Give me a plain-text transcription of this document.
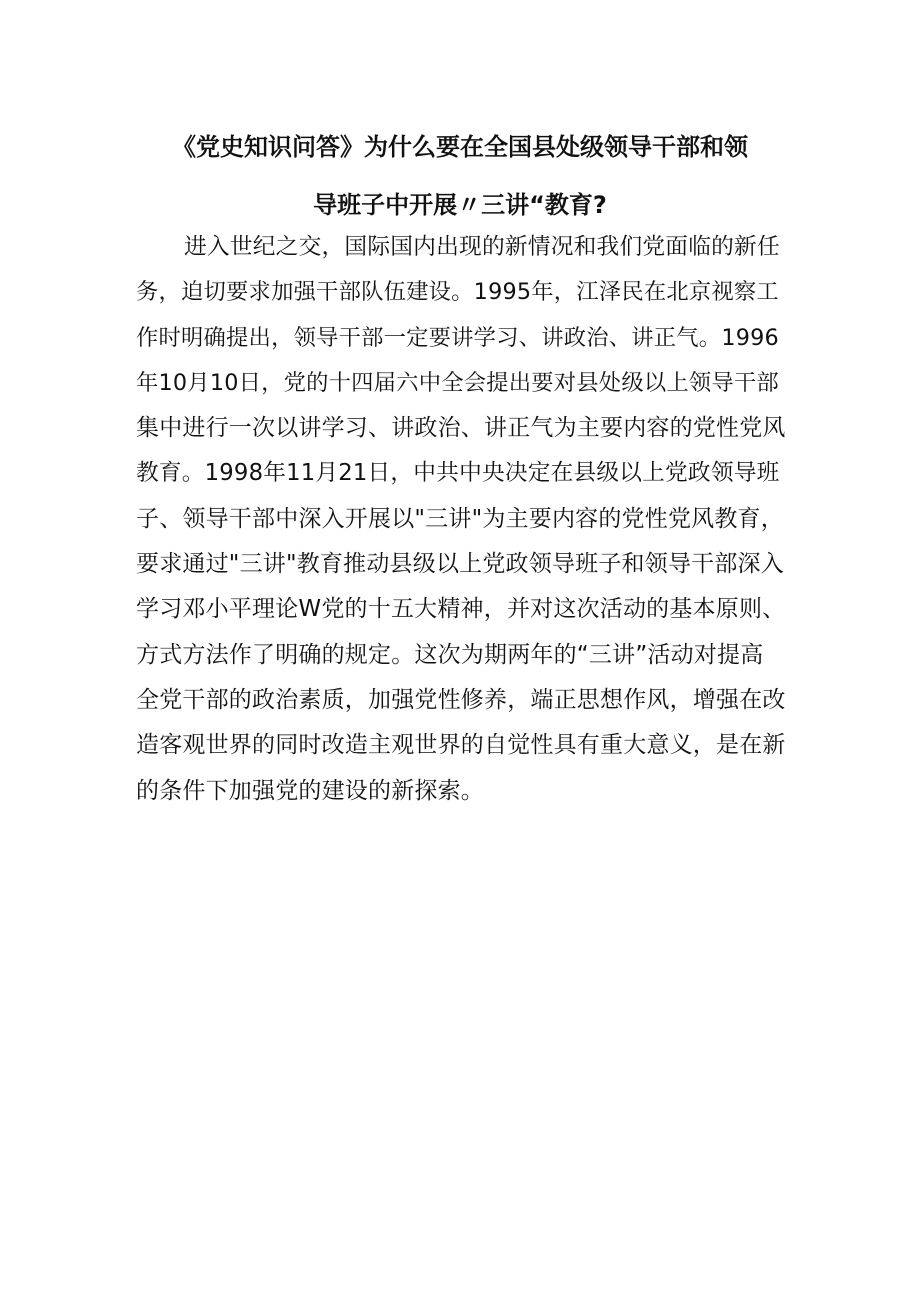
《党史知识问答》为什么要在全国县处级领导干部和领
导班子中开展〃三讲“教育?
进入世纪之交，国际国内出现的新情况和我们党面临的新任
务，迫切要求加强干部队伍建设。1995年，江泽民在北京视察工
作时明确提出，领导干部一定要讲学习、讲政治、讲正气。1996
年10月10日，党的十四届六中全会提出要对县处级以上领导干部
集中进行一次以讲学习、讲政治、讲正气为主要内容的党性党风
教育。1998年11月21日，中共中央决定在县级以上党政领导班
子、领导干部中深入开展以"三讲"为主要内容的党性党风教育，
要求通过"三讲"教育推动县级以上党政领导班子和领导干部深入
学习邓小平理论W党的十五大精神，并对这次活动的基本原则、
方式方法作了明确的规定。这次为期两年的“三讲”活动对提高
全党干部的政治素质，加强党性修养，端正思想作风，增强在改
造客观世界的同时改造主观世界的自觉性具有重大意义，是在新
的条件下加强党的建设的新探索。
